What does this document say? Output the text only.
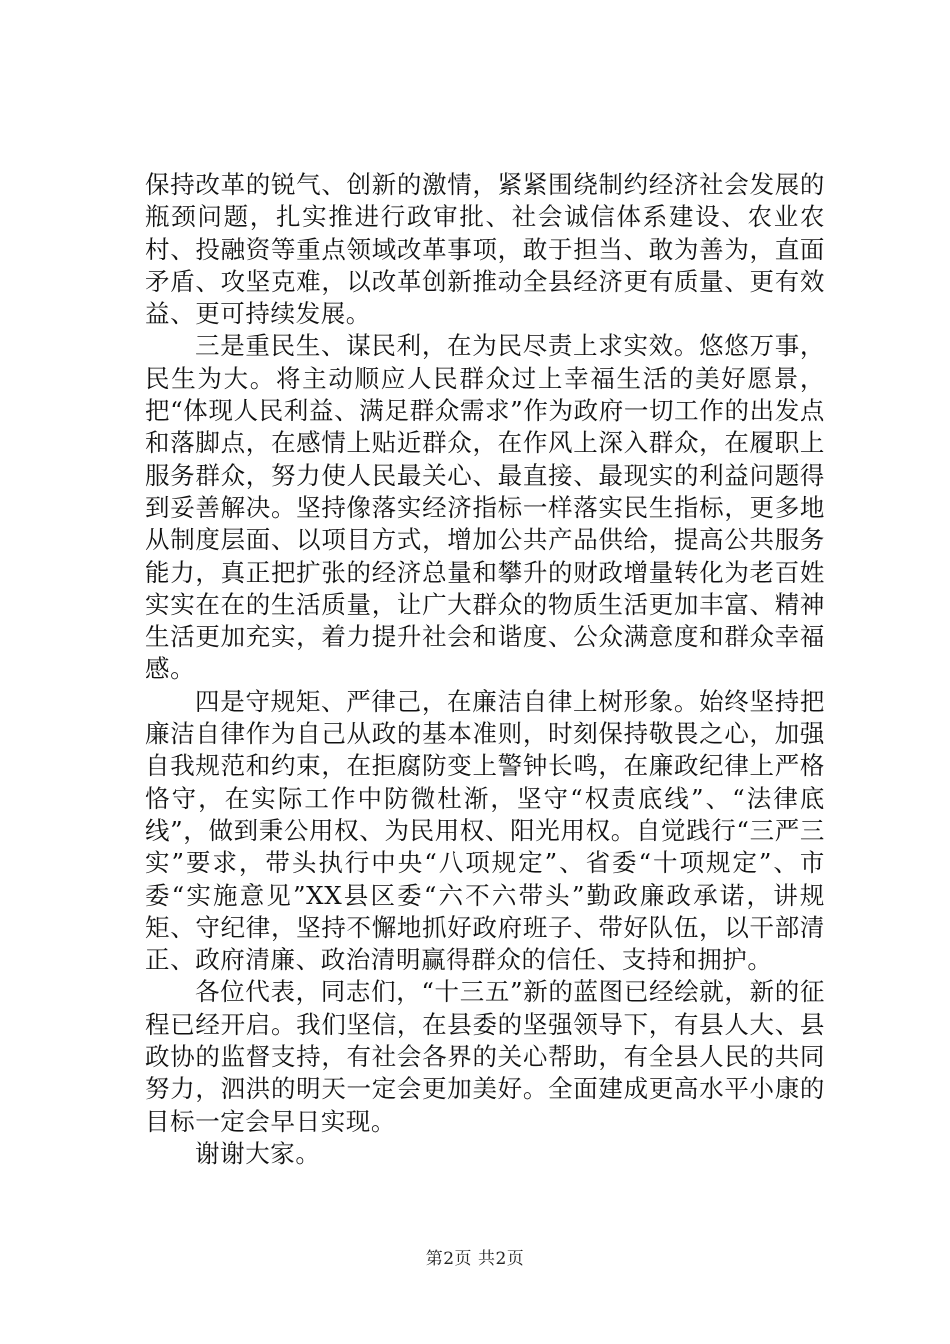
保持改革的锐气、创新的激情，紧紧围绕制约经济社会发展的瓶颈问题，扎实推进行政审批、社会诚信体系建设、农业农村、投融资等重点领域改革事项，敢于担当、敢为善为，直面矛盾、攻坚克难，以改革创新推动全县经济更有质量、更有效益、更可持续发展。

三是重民生、谋民利，在为民尽责上求实效。悠悠万事，民生为大。将主动顺应人民群众过上幸福生活的美好愿景，把“体现人民利益、满足群众需求”作为政府一切工作的出发点和落脚点，在感情上贴近群众，在作风上深入群众，在履职上服务群众，努力使人民最关心、最直接、最现实的利益问题得到妥善解决。坚持像落实经济指标一样落实民生指标，更多地从制度层面、以项目方式，增加公共产品供给，提高公共服务能力，真正把扩张的经济总量和攀升的财政增量转化为老百姓实实在在的生活质量，让广大群众的物质生活更加丰富、精神生活更加充实，着力提升社会和谐度、公众满意度和群众幸福感。

四是守规矩、严律己，在廉洁自律上树形象。始终坚持把廉洁自律作为自己从政的基本准则，时刻保持敬畏之心，加强自我规范和约束，在拒腐防变上警钟长鸣，在廉政纪律上严格恪守，在实际工作中防微杜渐，坚守“权责底线”、“法律底线”，做到秉公用权、为民用权、阳光用权。自觉践行“三严三实”要求，带头执行中央“八项规定”、省委“十项规定”、市委“实施意见”XX县区委“六不六带头”勤政廉政承诺，讲规矩、守纪律，坚持不懈地抓好政府班子、带好队伍，以干部清正、政府清廉、政治清明赢得群众的信任、支持和拥护。

各位代表，同志们，“十三五”新的蓝图已经绘就，新的征程已经开启。我们坚信，在县委的坚强领导下，有县人大、县政协的监督支持，有社会各界的关心帮助，有全县人民的共同努力，泗洪的明天一定会更加美好。全面建成更高水平小康的目标一定会早日实现。

谢谢大家。

第2页 共2页
